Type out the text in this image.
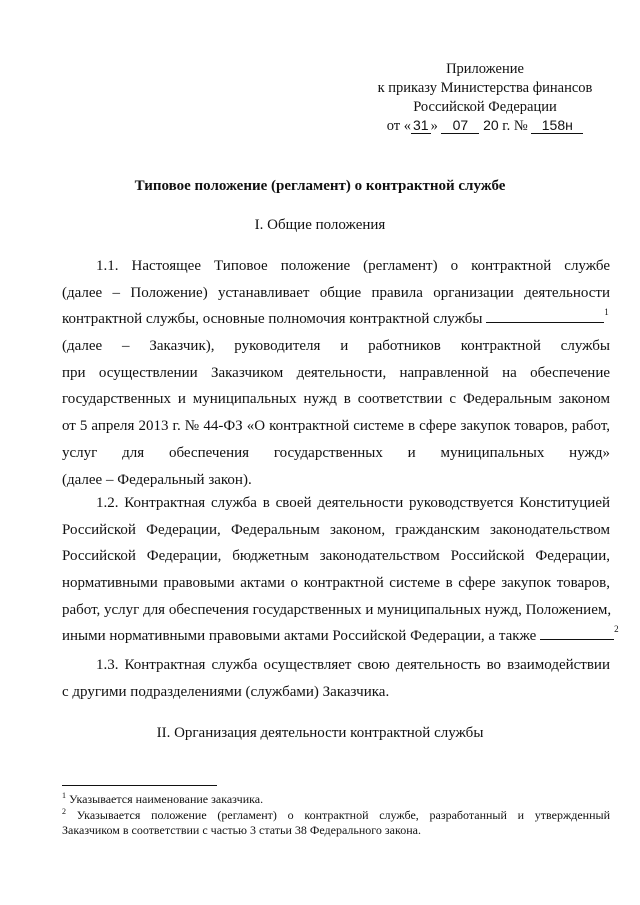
Приложение
к приказу Министерства финансов
Российской Федерации
от « 31 » 07 20 г. № 158н
Типовое положение (регламент) о контрактной службе
I. Общие положения
1.1. Настоящее Типовое положение (регламент) о контрактной службе
(далее – Положение) устанавливает общие правила организации деятельности
контрактной службы, основные полномочия контрактной службы	$^1$
(далее – Заказчик), руководителя и работников контрактной службы
при осуществлении Заказчиком деятельности, направленной на обеспечение
государственных и муниципальных нужд в соответствии с Федеральным законом
от 5 апреля 2013 г. № 44-ФЗ «О контрактной системе в сфере закупок товаров, работ,
услуг для обеспечения государственных и муниципальных нужд»
(далее – Федеральный закон).
1.2. Контрактная служба в своей деятельности руководствуется Конституцией
Российской Федерации, Федеральным законом, гражданским законодательством
Российской Федерации, бюджетным законодательством Российской Федерации,
нормативными правовыми актами о контрактной системе в сфере закупок товаров,
работ, услуг для обеспечения государственных и муниципальных нужд, Положением,
иными нормативными правовыми актами Российской Федерации, а также	$^2$
1.3. Контрактная служба осуществляет свою деятельность во взаимодействии
с другими подразделениями (службами) Заказчика.
II. Организация деятельности контрактной службы
$^1$ Указывается наименование заказчика.
$^2$ Указывается положение (регламент) о контрактной службе, разработанный и утвержденный
Заказчиком в соответствии с частью 3 статьи 38 Федерального закона.
